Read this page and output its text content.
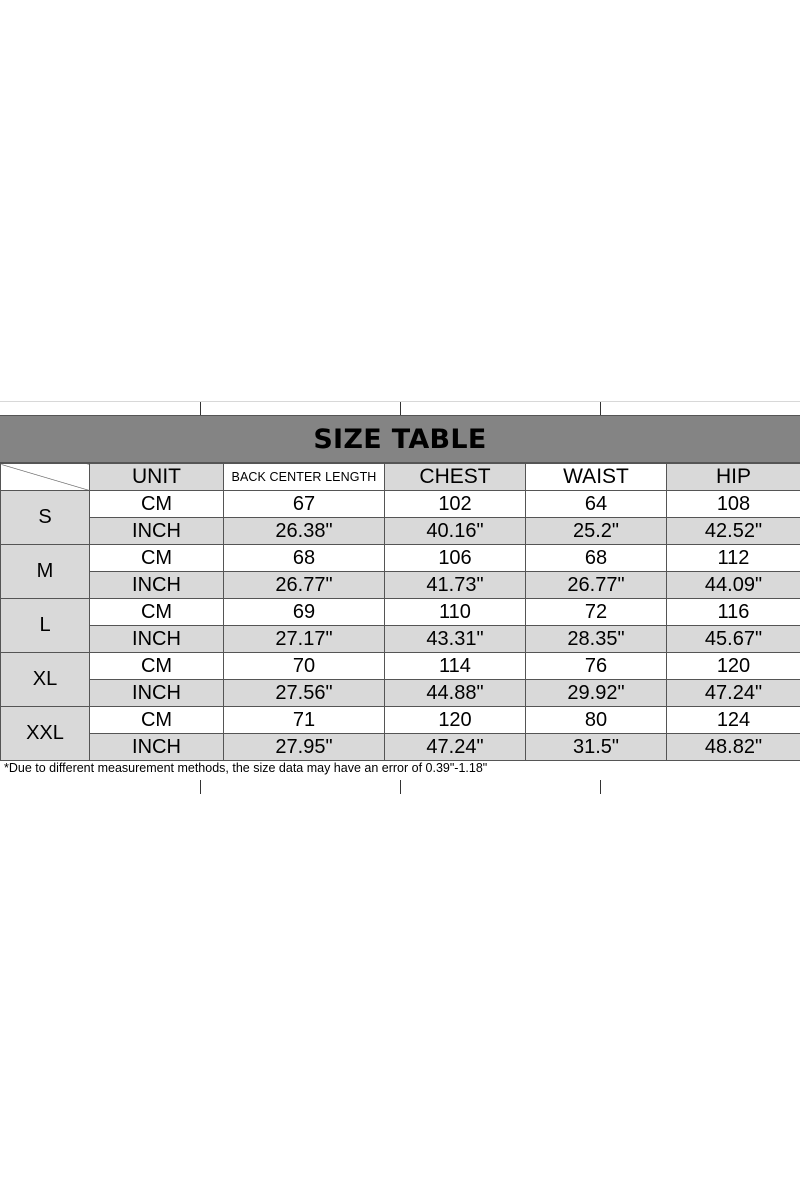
SIZE TABLE
	UNIT	BACK CENTER LENGTH	CHEST	WAIST	HIP
S	CM	67	102	64	108
	INCH	26.38"	40.16"	25.2"	42.52"
M	CM	68	106	68	112
	INCH	26.77"	41.73"	26.77"	44.09"
L	CM	69	110	72	116
	INCH	27.17"	43.31"	28.35"	45.67"
XL	CM	70	114	76	120
	INCH	27.56"	44.88"	29.92"	47.24"
XXL	CM	71	120	80	124
	INCH	27.95"	47.24"	31.5"	48.82"
*Due to different measurement methods, the size data may have an error of 0.39"-1.18"
